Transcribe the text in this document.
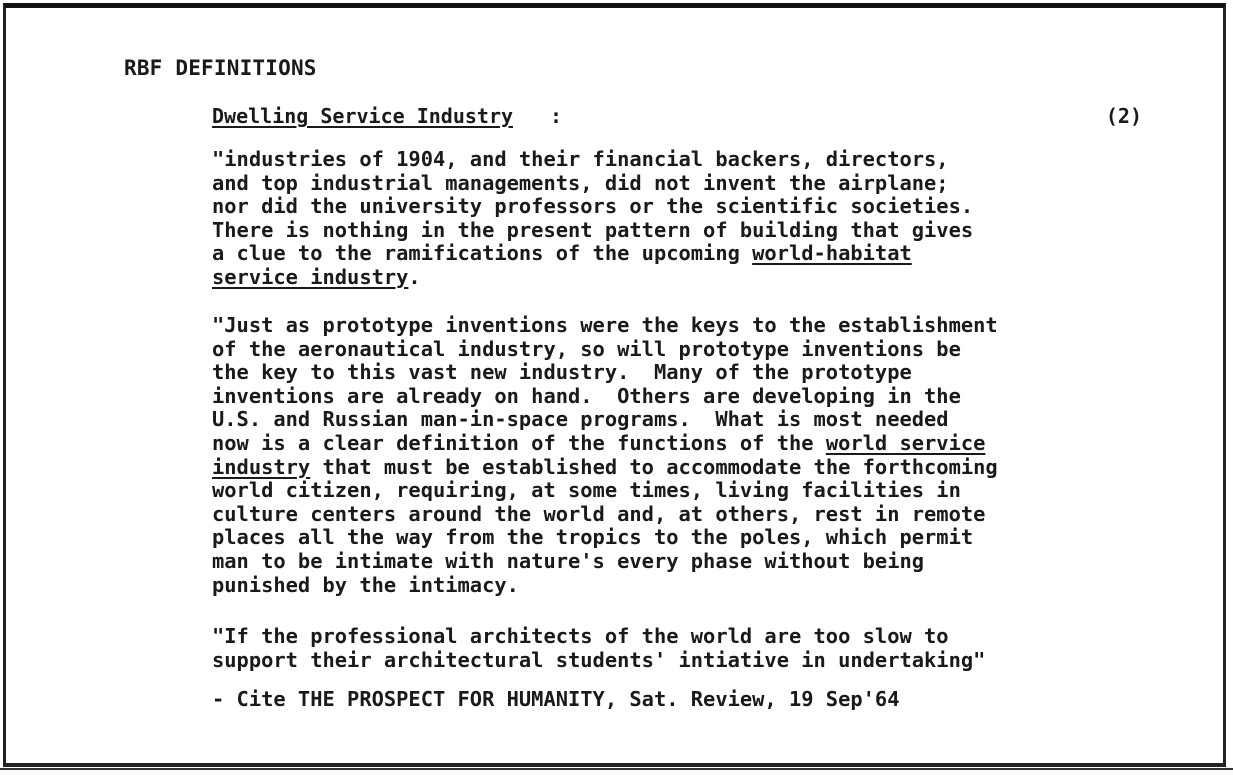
RBF DEFINITIONS
Dwelling Service Industry :	(2)
"industries of 1904, and their financial backers, directors,
and top industrial managements, did not invent the airplane;
nor did the university professors or the scientific societies.
There is nothing in the present pattern of building that gives
a clue to the ramifications of the upcoming world-habitat
service industry.
"Just as prototype inventions were the keys to the establishment
of the aeronautical industry, so will prototype inventions be
the key to this vast new industry.  Many of the prototype
inventions are already on hand.  Others are developing in the
U.S. and Russian man-in-space programs.  What is most needed
now is a clear definition of the functions of the world service
industry that must be established to accommodate the forthcoming
world citizen, requiring, at some times, living facilities in
culture centers around the world and, at others, rest in remote
places all the way from the tropics to the poles, which permit
man to be intimate with nature's every phase without being
punished by the intimacy.
"If the professional architects of the world are too slow to
support their architectural students' intiative in undertaking"

- Cite THE PROSPECT FOR HUMANITY, Sat. Review, 19 Sep'64
